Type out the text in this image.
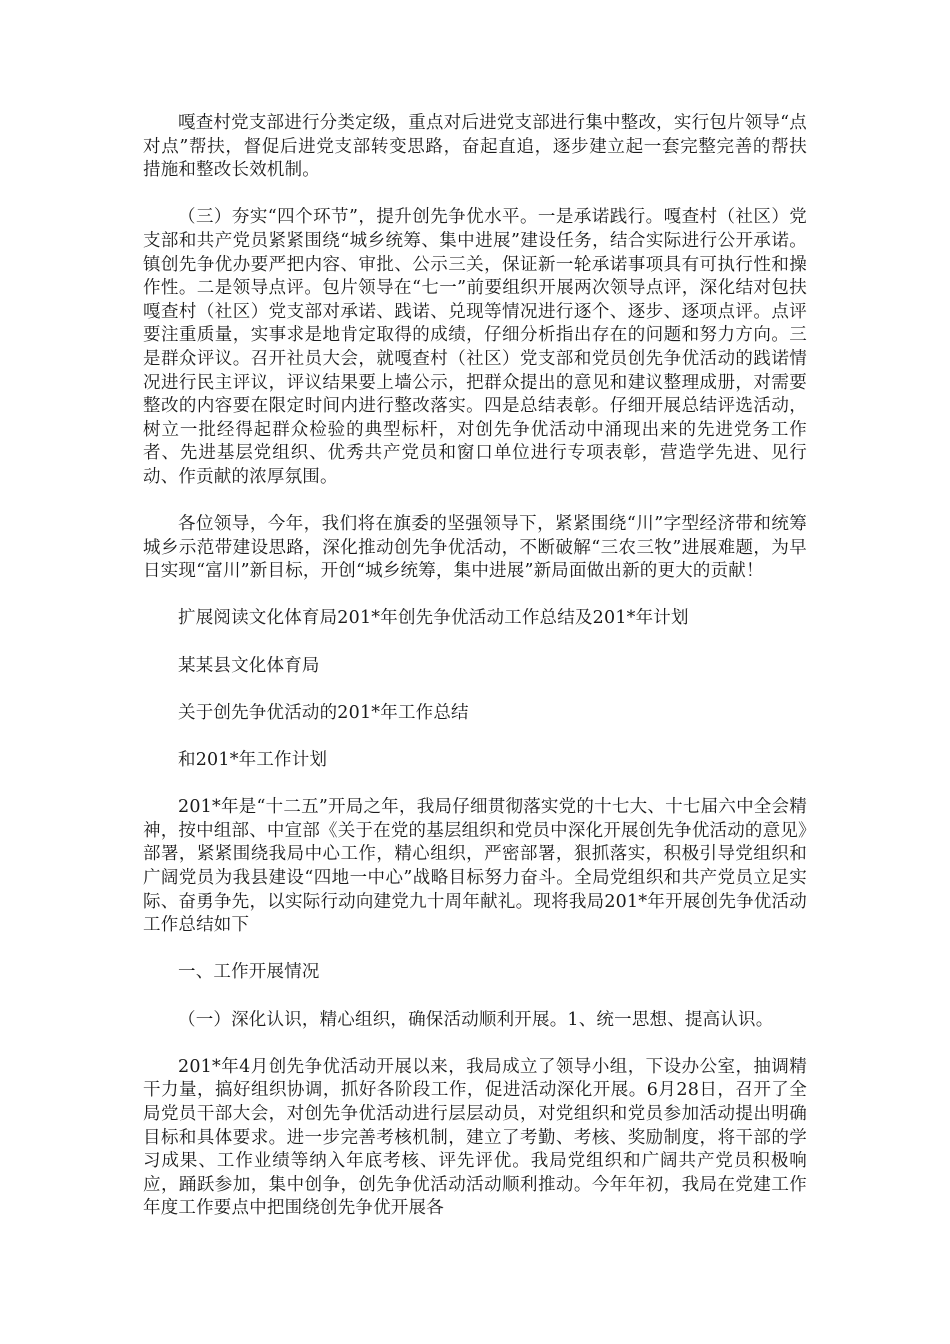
嘎查村党支部进行分类定级，重点对后进党支部进行集中整改，实行包片领导“点对点”帮扶，督促后进党支部转变思路，奋起直追，逐步建立起一套完整完善的帮扶措施和整改长效机制。

（三）夯实“四个环节”，提升创先争优水平。一是承诺践行。嘎查村（社区）党支部和共产党员紧紧围绕“城乡统筹、集中进展”建设任务，结合实际进行公开承诺。镇创先争优办要严把内容、审批、公示三关，保证新一轮承诺事项具有可执行性和操作性。二是领导点评。包片领导在“七一”前要组织开展两次领导点评，深化结对包扶嘎查村（社区）党支部对承诺、践诺、兑现等情况进行逐个、逐步、逐项点评。点评要注重质量，实事求是地肯定取得的成绩，仔细分析指出存在的问题和努力方向。三是群众评议。召开社员大会，就嘎查村（社区）党支部和党员创先争优活动的践诺情况进行民主评议，评议结果要上墙公示，把群众提出的意见和建议整理成册，对需要整改的内容要在限定时间内进行整改落实。四是总结表彰。仔细开展总结评选活动，树立一批经得起群众检验的典型标杆，对创先争优活动中涌现出来的先进党务工作者、先进基层党组织、优秀共产党员和窗口单位进行专项表彰，营造学先进、见行动、作贡献的浓厚氛围。

各位领导，今年，我们将在旗委的坚强领导下，紧紧围绕“川”字型经济带和统筹城乡示范带建设思路，深化推动创先争优活动，不断破解“三农三牧”进展难题，为早日实现“富川”新目标，开创“城乡统筹，集中进展”新局面做出新的更大的贡献！

扩展阅读文化体育局201*年创先争优活动工作总结及201*年计划

某某县文化体育局

关于创先争优活动的201*年工作总结

和201*年工作计划

201*年是“十二五”开局之年，我局仔细贯彻落实党的十七大、十七届六中全会精神，按中组部、中宣部《关于在党的基层组织和党员中深化开展创先争优活动的意见》部署，紧紧围绕我局中心工作，精心组织，严密部署，狠抓落实，积极引导党组织和广阔党员为我县建设“四地一中心”战略目标努力奋斗。全局党组织和共产党员立足实际、奋勇争先，以实际行动向建党九十周年献礼。现将我局201*年开展创先争优活动工作总结如下

一、工作开展情况

（一）深化认识，精心组织，确保活动顺利开展。1、统一思想、提高认识。

201*年4月创先争优活动开展以来，我局成立了领导小组，下设办公室，抽调精干力量，搞好组织协调，抓好各阶段工作，促进活动深化开展。6月28日，召开了全局党员干部大会，对创先争优活动进行层层动员，对党组织和党员参加活动提出明确目标和具体要求。进一步完善考核机制，建立了考勤、考核、奖励制度，将干部的学习成果、工作业绩等纳入年底考核、评先评优。我局党组织和广阔共产党员积极响应，踊跃参加，集中创争，创先争优活动活动顺利推动。今年年初，我局在党建工作年度工作要点中把围绕创先争优开展各
